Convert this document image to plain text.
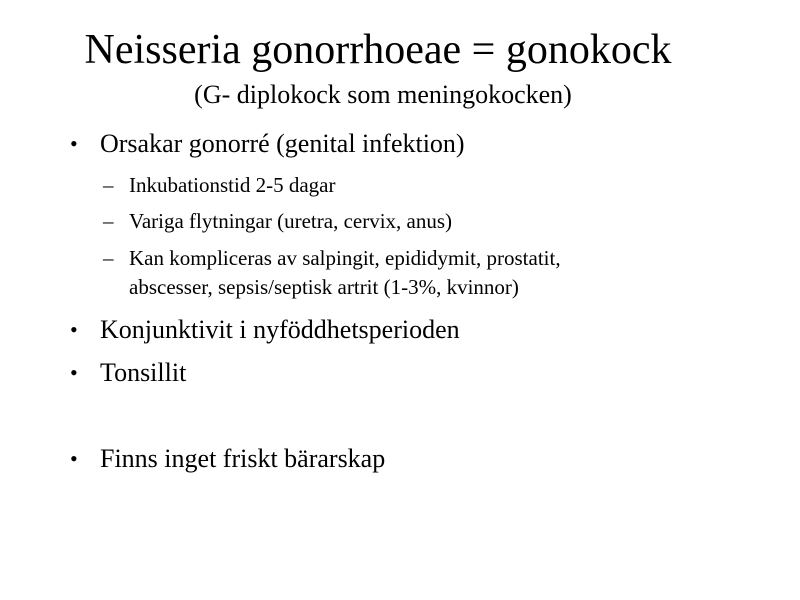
Neisseria gonorrhoeae = gonokock
(G- diplokock som meningokocken)
• Orsakar gonorré (genital infektion)
– Inkubationstid 2-5 dagar
– Variga flytningar (uretra, cervix, anus)
– Kan kompliceras av salpingit, epididymit, prostatit,
abscesser, sepsis/septisk artrit (1-3%, kvinnor)
• Konjunktivit i nyföddhetsperioden
• Tonsillit
• Finns inget friskt bärarskap
